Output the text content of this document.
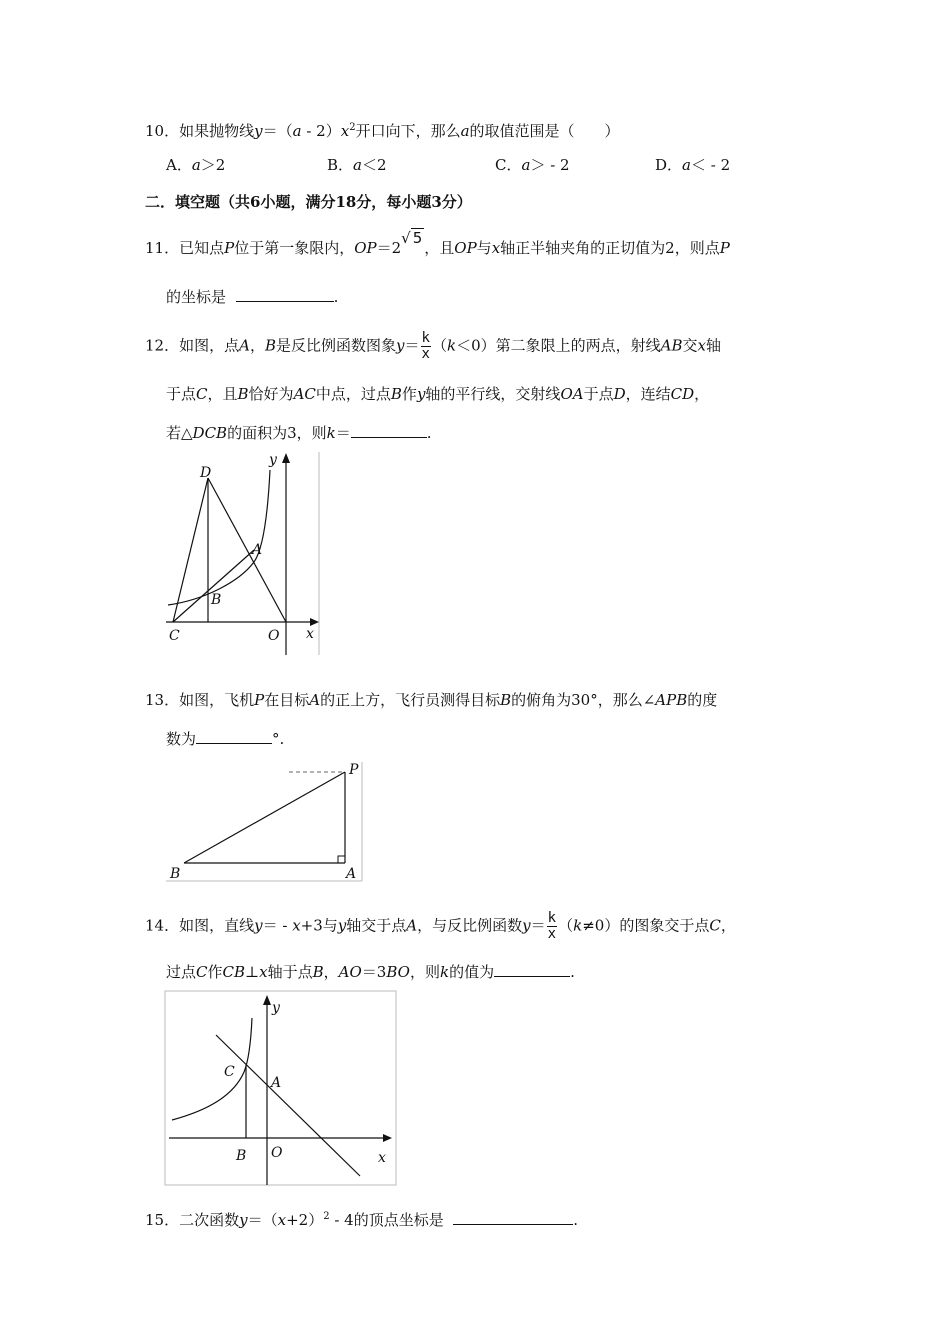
10．如果抛物线$y=(a - 2)x^2$开口向下，那么a的取值范围是（　　）
A．a＞2	B．a＜2	C．a＞ - 2	D．a＜ - 2
二．填空题（共6小题，满分18分，每小题3分）
11．已知点P位于第一象限内，OP＝2√ 5，且OP与x轴正半轴夹角的正切值为2，则点P
的坐标是	.
12．如图，点A，B是反比例函数图象$y= \frac{k}{x} (k<0)$第二象限上的两点，射线AB交x轴
于点C，且B恰好为AC中点，过点B作y轴的平行线，交射线OA于点D，连结CD，
若△DCB的面积为3，则k＝	.
D
y
A
B
C	O x
13．如图，飞机P在目标A的正上方，飞行员测得目标B的俯角为30°，那么∠APB的度
数为	°.
P
B	A
14．如图，直线y＝ - x+3与y轴交于点A，与反比例函数$y= \frac{k}{x} (k\ne 0)$的图象交于点C，
过点C作CB⊥x轴于点B，AO＝3BO，则k的值为	.
y
C
A
B O	x
15．二次函数$y=(x+2)^2 - 4$的顶点坐标是	.
